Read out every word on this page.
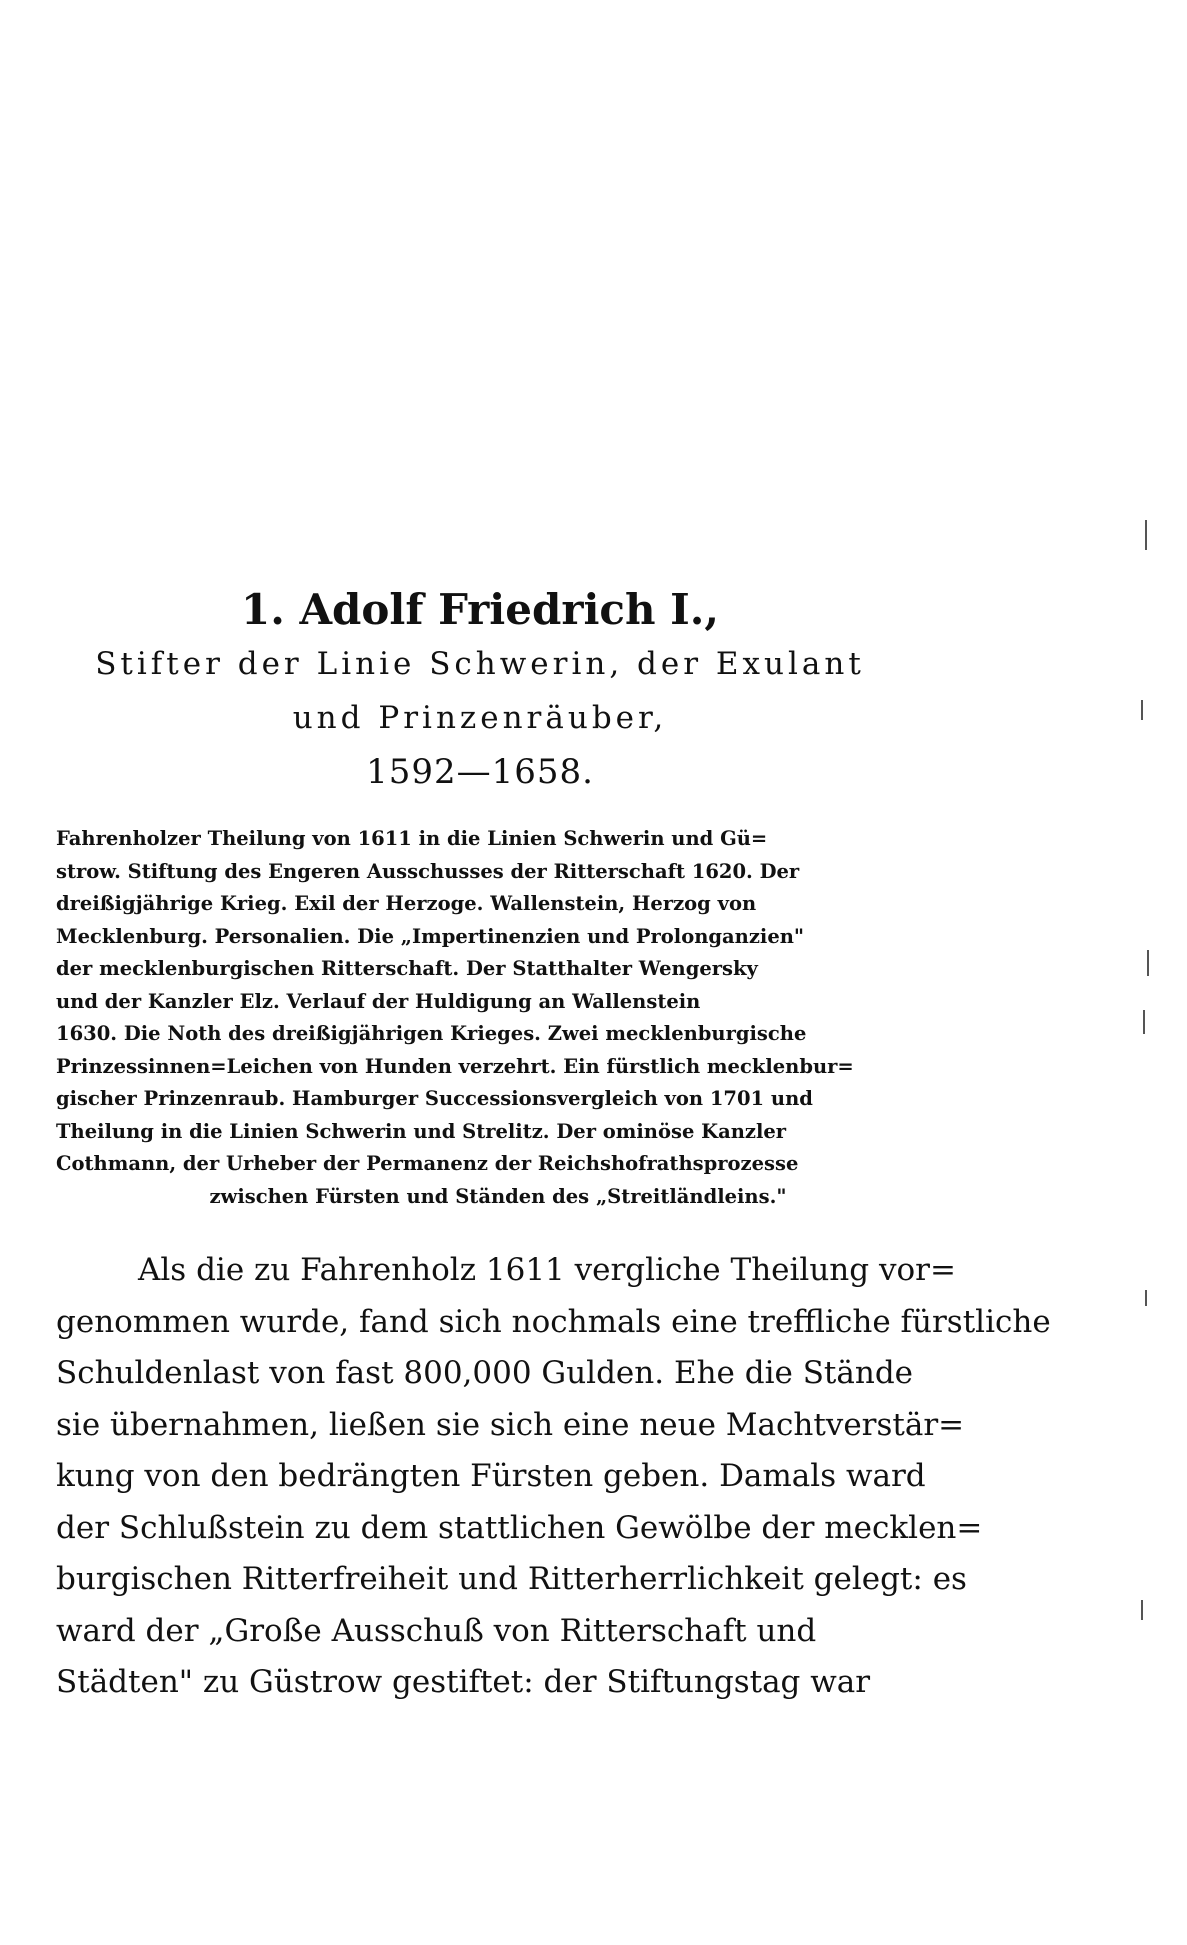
1. Adolf Friedrich I.,
Stifter der Linie Schwerin, der Exulant
und Prinzenräuber,
1592—1658.
Fahrenholzer Theilung von 1611 in die Linien Schwerin und Gü=
strow. Stiftung des Engeren Ausschusses der Ritterschaft 1620. Der
dreißigjährige Krieg. Exil der Herzoge. Wallenstein, Herzog von
Mecklenburg. Personalien. Die „Impertinenzien und Prolonganzien"
der mecklenburgischen Ritterschaft. Der Statthalter Wengersky
und der Kanzler Elz. Verlauf der Huldigung an Wallenstein
1630. Die Noth des dreißigjährigen Krieges. Zwei mecklenburgische
Prinzessinnen=Leichen von Hunden verzehrt. Ein fürstlich mecklenbur=
gischer Prinzenraub. Hamburger Successionsvergleich von 1701 und
Theilung in die Linien Schwerin und Strelitz. Der ominöse Kanzler
Cothmann, der Urheber der Permanenz der Reichshofrathsprozesse
zwischen Fürsten und Ständen des „Streitländleins."
Als die zu Fahrenholz 1611 vergliche Theilung vor=
genommen wurde, fand sich nochmals eine treffliche fürstliche
Schuldenlast von fast 800,000 Gulden. Ehe die Stände
sie übernahmen, ließen sie sich eine neue Machtverstär=
kung von den bedrängten Fürsten geben. Damals ward
der Schlußstein zu dem stattlichen Gewölbe der mecklen=
burgischen Ritterfreiheit und Ritterherrlichkeit gelegt: es
ward der „Große Ausschuß von Ritterschaft und
Städten" zu Güstrow gestiftet: der Stiftungstag war
